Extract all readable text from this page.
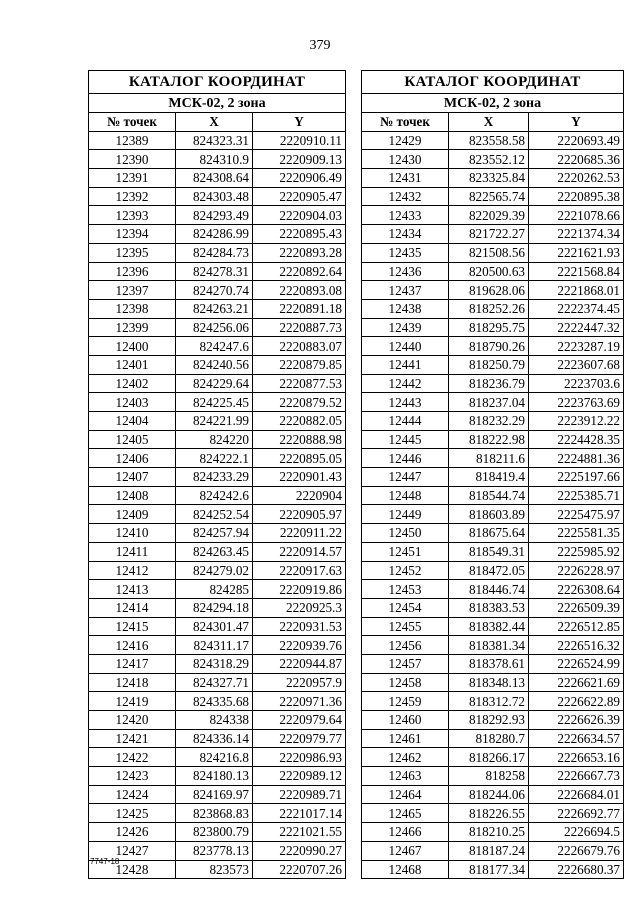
379
КАТАЛОГ КООРДИНАТ		
МСК-02, 2 зона		
№ точек	X	Y
12389	824323.31	2220910.11
12390	824310.9	2220909.13
12391	824308.64	2220906.49
12392	824303.48	2220905.47
12393	824293.49	2220904.03
12394	824286.99	2220895.43
12395	824284.73	2220893.28
12396	824278.31	2220892.64
12397	824270.74	2220893.08
12398	824263.21	2220891.18
12399	824256.06	2220887.73
12400	824247.6	2220883.07
12401	824240.56	2220879.85
12402	824229.64	2220877.53
12403	824225.45	2220879.52
12404	824221.99	2220882.05
12405	824220	2220888.98
12406	824222.1	2220895.05
12407	824233.29	2220901.43
12408	824242.6	2220904
12409	824252.54	2220905.97
12410	824257.94	2220911.22
12411	824263.45	2220914.57
12412	824279.02	2220917.63
12413	824285	2220919.86
12414	824294.18	2220925.3
12415	824301.47	2220931.53
12416	824311.17	2220939.76
12417	824318.29	2220944.87
12418	824327.71	2220957.9
12419	824335.68	2220971.36
12420	824338	2220979.64
12421	824336.14	2220979.77
12422	824216.8	2220986.93
12423	824180.13	2220989.12
12424	824169.97	2220989.71
12425	823868.83	2221017.14
12426	823800.79	2221021.55
12427	823778.13	2220990.27
12428	823573	2220707.26
КАТАЛОГ КООРДИНАТ		
МСК-02, 2 зона		
№ точек	X	Y
12429	823558.58	2220693.49
12430	823552.12	2220685.36
12431	823325.84	2220262.53
12432	822565.74	2220895.38
12433	822029.39	2221078.66
12434	821722.27	2221374.34
12435	821508.56	2221621.93
12436	820500.63	2221568.84
12437	819628.06	2221868.01
12438	818252.26	2222374.45
12439	818295.75	2222447.32
12440	818790.26	2223287.19
12441	818250.79	2223607.68
12442	818236.79	2223703.6
12443	818237.04	2223763.69
12444	818232.29	2223912.22
12445	818222.98	2224428.35
12446	818211.6	2224881.36
12447	818419.4	2225197.66
12448	818544.74	2225385.71
12449	818603.89	2225475.97
12450	818675.64	2225581.35
12451	818549.31	2225985.92
12452	818472.05	2226228.97
12453	818446.74	2226308.64
12454	818383.53	2226509.39
12455	818382.44	2226512.85
12456	818381.34	2226516.32
12457	818378.61	2226524.99
12458	818348.13	2226621.69
12459	818312.72	2226622.89
12460	818292.93	2226626.39
12461	818280.7	2226634.57
12462	818266.17	2226653.16
12463	818258	2226667.73
12464	818244.06	2226684.01
12465	818226.55	2226692.77
12466	818210.25	2226694.5
12467	818187.24	2226679.76
12468	818177.34	2226680.37
7747-18
